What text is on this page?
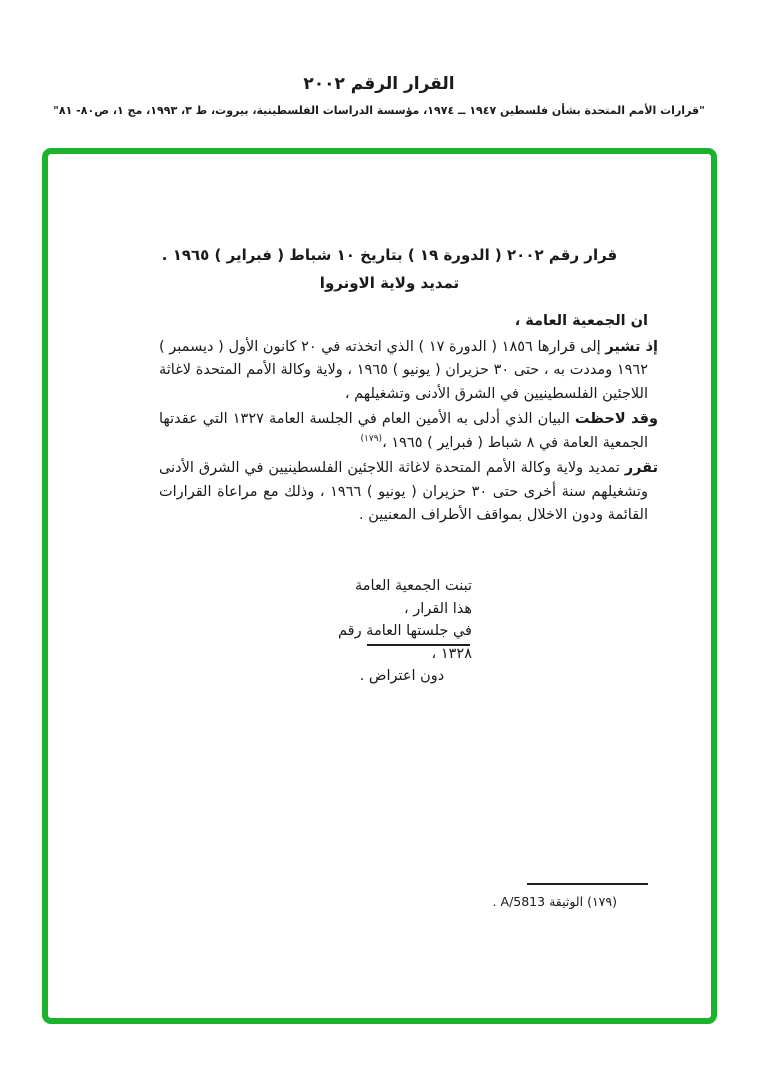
القرار الرقم ٢٠٠٢
"قرارات الأمم المتحدة بشأن فلسطين ١٩٤٧ ــ ١٩٧٤، مؤسسة الدراسات الفلسطينية، بيروت، ط ٣، ١٩٩٣، مج ١، ص٨٠- ٨١"
قرار رقم ٢٠٠٢ ( الدورة ١٩ ) بتاريخ ١٠ شباط ( فبراير ) ١٩٦٥ .
تمديد ولاية الاونروا

ان الجمعية العامة ،

إذ تشير إلى قرارها ١٨٥٦ ( الدورة ١٧ ) الذي اتخذته في ٢٠ كانون الأول ( ديسمبر ) ١٩٦٢ ومددت به ، حتى ٣٠ حزيران ( يونيو ) ١٩٦٥ ، ولاية وكالة الأمم المتحدة لاغاثة اللاجئين الفلسطينيين في الشرق الأدنى وتشغيلهم ،

وقد لاحظت البيان الذي أدلى به الأمين العام في الجلسة العامة ١٣٢٧ التي عقدتها الجمعية العامة في ٨ شباط ( فبراير ) ١٩٦٥ ،$^{(١٧٩)}$

تقرر تمديد ولاية وكالة الأمم المتحدة لاغاثة اللاجئين الفلسطينيين في الشرق الأدنى وتشغيلهم سنة أخرى حتى ٣٠ حزيران ( يونيو ) ١٩٦٦ ، وذلك مع مراعاة القرارات القائمة ودون الاخلال بمواقف الأطراف المعنيين .

تبنت الجمعية العامة هذا القرار ،
في جلستها العامة رقم ١٣٢٨ ،
دون اعتراض .
(١٧٩) الوثيقة A/5813 .
